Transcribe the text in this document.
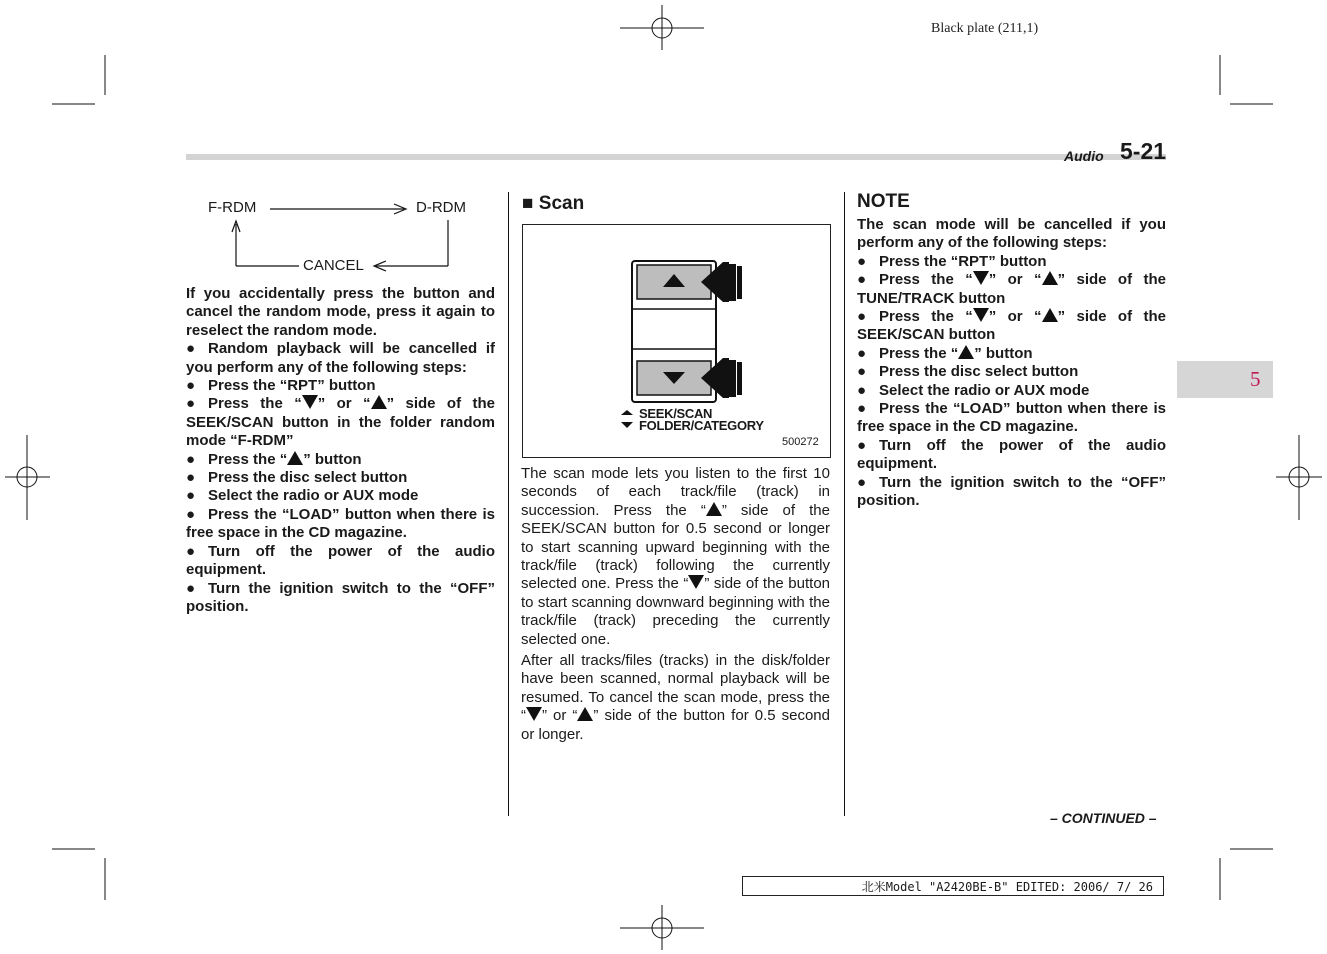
Black plate (211,1)
Audio 5-21
5
F-RDM	D-RDM
CANCEL

If you accidentally press the button and cancel the random mode, press it again to reselect the random mode.

● Random playback will be cancelled if you perform any of the following steps:

● Press the “RPT” button

● Press the “ ” or “ ” side of the SEEK/SCAN button in the folder random mode “F-RDM”

● Press the “ ” button

● Press the disc select button

● Select the radio or AUX mode

● Press the “LOAD” button when there is free space in the CD magazine.

● Turn off the power of the audio equipment.

● Turn the ignition switch to the “OFF” position.

■ Scan
SEEK/SCAN
FOLDER/CATEGORY
500272

The scan mode lets you listen to the first 10 seconds of each track/file (track) in succession. Press the “ ” side of the SEEK/SCAN button for 0.5 second or longer to start scanning upward beginning with the track/file (track) following the currently selected one. Press the “ ” side of the button to start scanning downward beginning with the track/file (track) preceding the currently selected one.

After all tracks/files (tracks) in the disk/folder have been scanned, normal playback will be resumed. To cancel the scan mode, press the “ ” or “ ” side of the button for 0.5 second or longer.

NOTE

The scan mode will be cancelled if you perform any of the following steps:

● Press the “RPT” button

● Press the “ ” or “ ” side of the TUNE/TRACK button

● Press the “ ” or “ ” side of the SEEK/SCAN button

● Press the “ ” button

● Press the disc select button

● Select the radio or AUX mode

● Press the “LOAD” button when there is free space in the CD magazine.

● Turn off the power of the audio equipment.

● Turn the ignition switch to the “OFF” position.

– CONTINUED –
北米Model "A2420BE-B" EDITED: 2006/ 7/ 26
